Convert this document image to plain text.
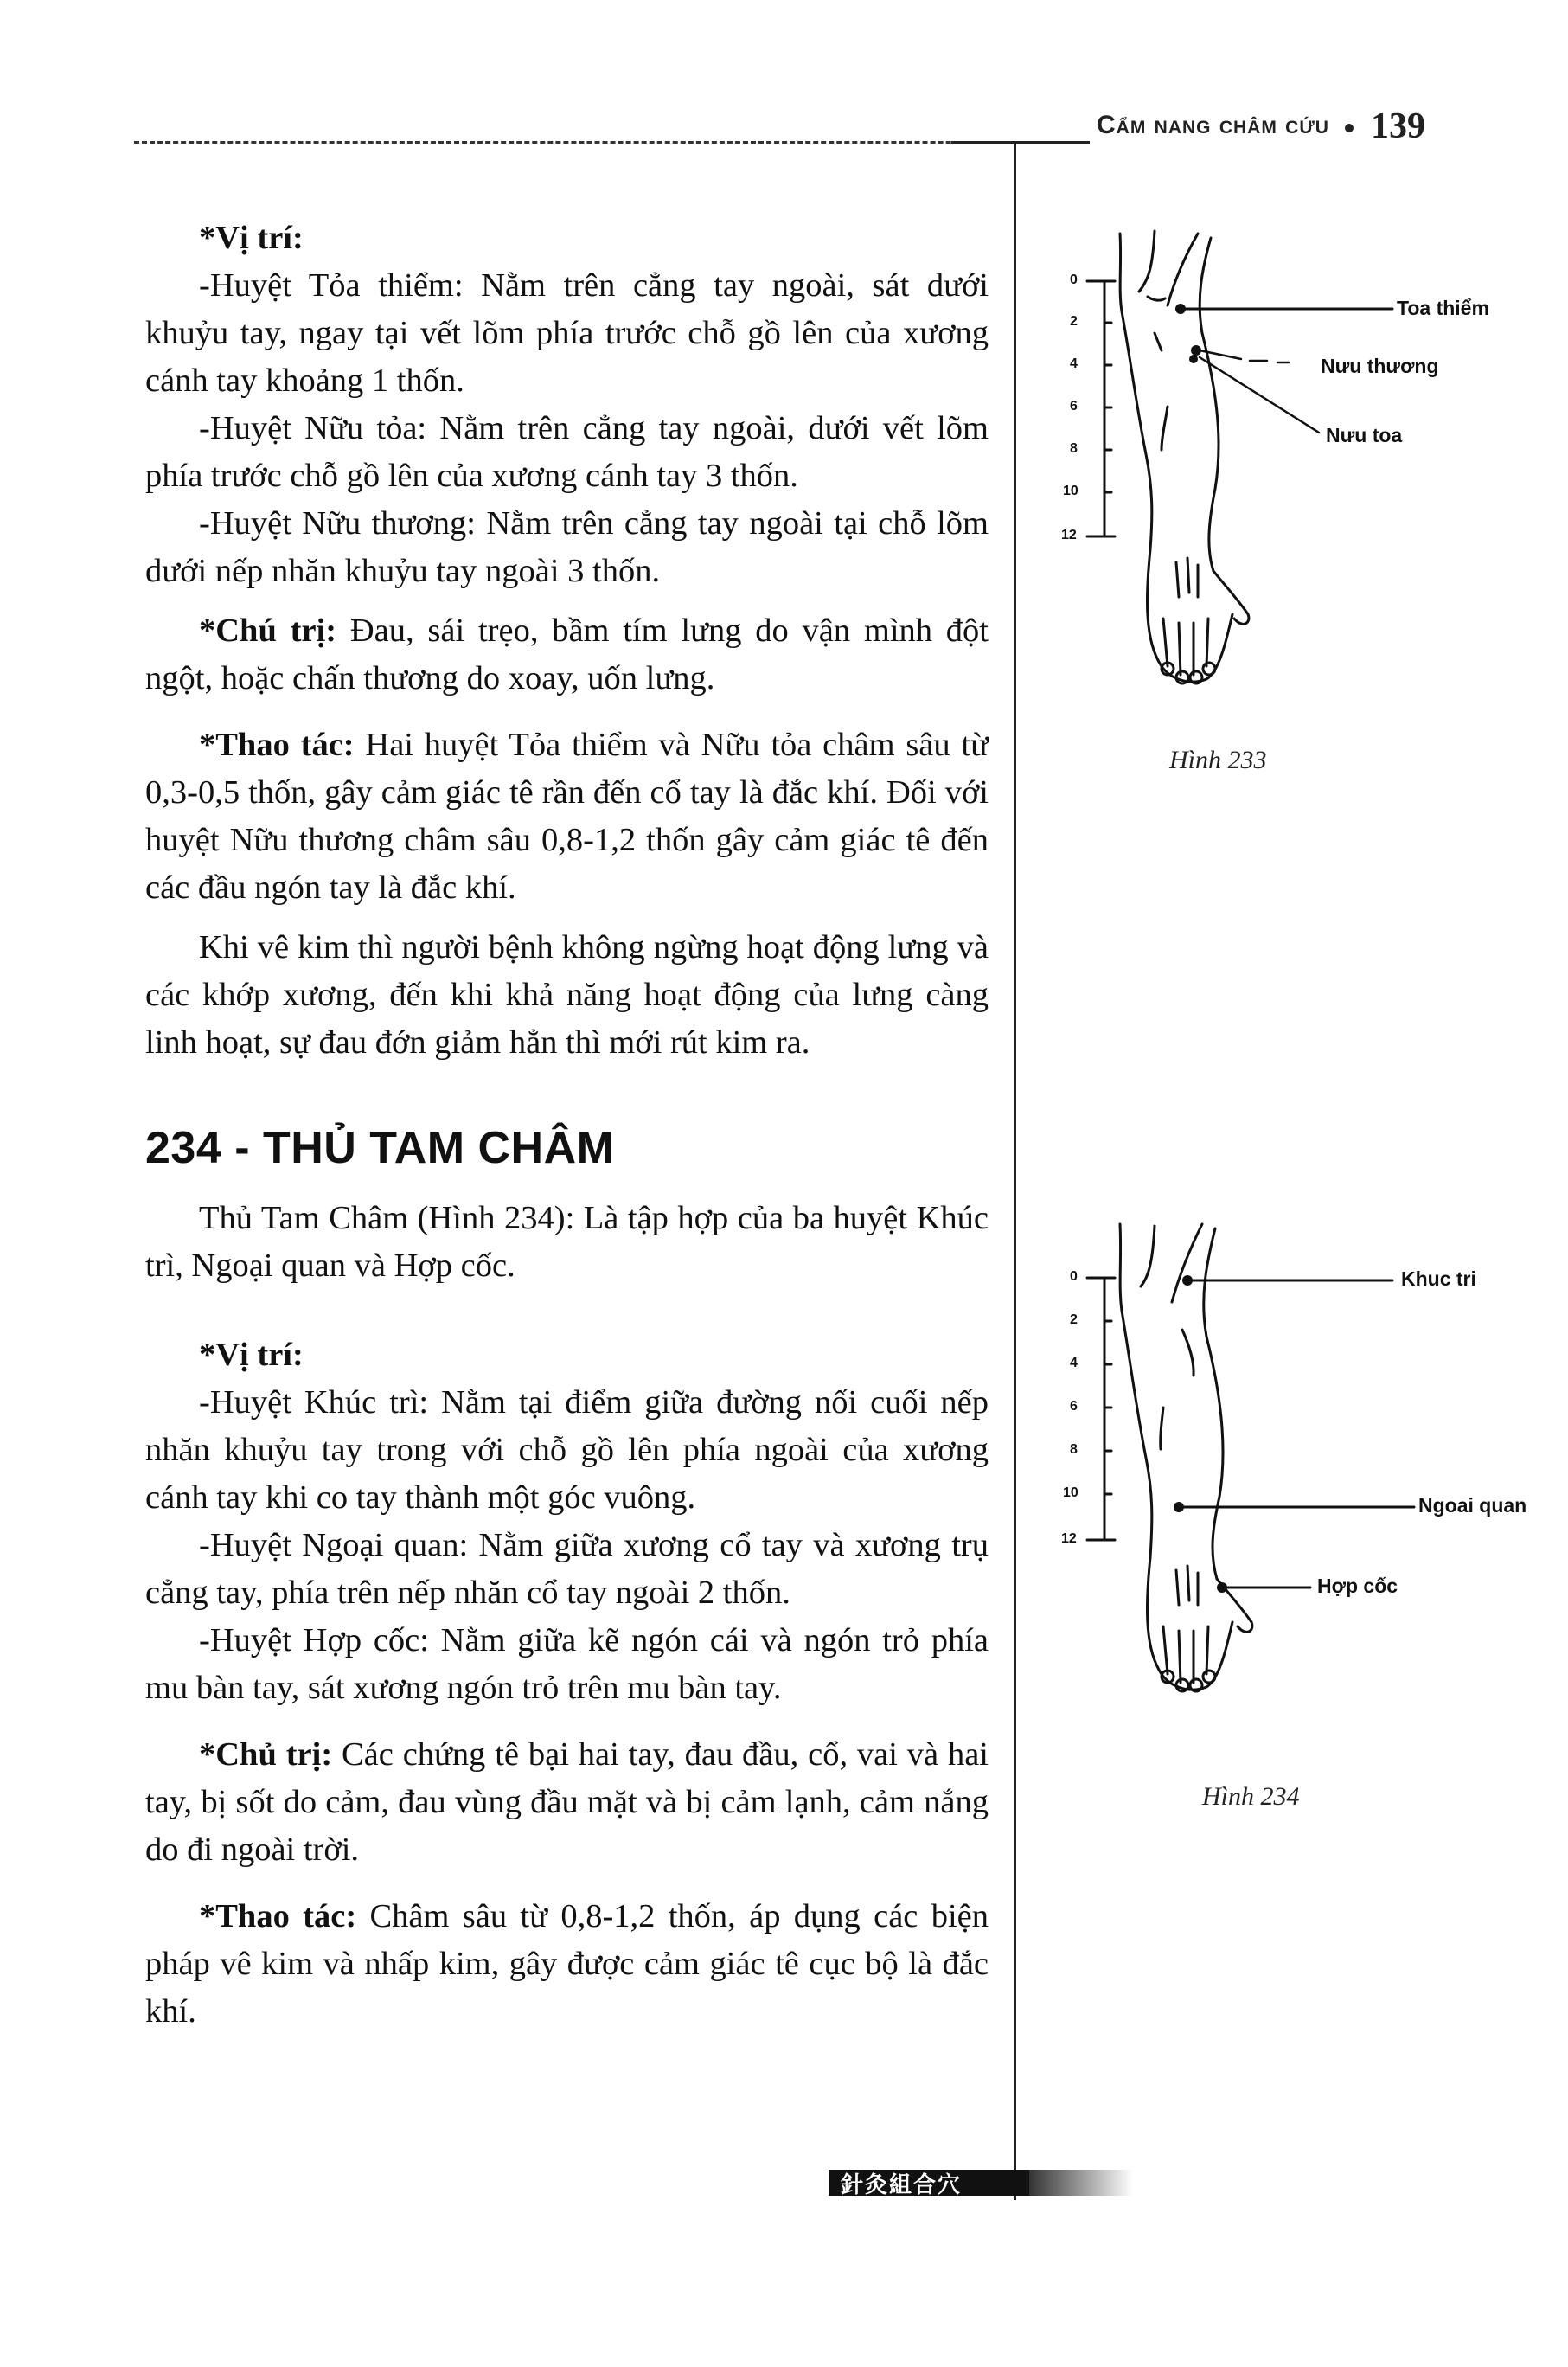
Cẩm nang châm cứu 139

*Vị trí:

-Huyệt Tỏa thiểm: Nằm trên cẳng tay ngoài, sát dưới khuỷu tay, ngay tại vết lõm phía trước chỗ gồ lên của xương cánh tay khoảng 1 thốn.

-Huyệt Nữu tỏa: Nằm trên cẳng tay ngoài, dưới vết lõm phía trước chỗ gồ lên của xương cánh tay 3 thốn.

-Huyệt Nữu thương: Nằm trên cẳng tay ngoài tại chỗ lõm dưới nếp nhăn khuỷu tay ngoài 3 thốn.

*Chú trị: Đau, sái trẹo, bầm tím lưng do vận mình đột ngột, hoặc chấn thương do xoay, uốn lưng.

*Thao tác: Hai huyệt Tỏa thiểm và Nữu tỏa châm sâu từ 0,3-0,5 thốn, gây cảm giác tê rần đến cổ tay là đắc khí. Đối với huyệt Nữu thương châm sâu 0,8-1,2 thốn gây cảm giác tê đến các đầu ngón tay là đắc khí.

Khi vê kim thì người bệnh không ngừng hoạt động lưng và các khớp xương, đến khi khả năng hoạt động của lưng càng linh hoạt, sự đau đớn giảm hẳn thì mới rút kim ra.

234 - THỦ TAM CHÂM

Thủ Tam Châm (Hình 234): Là tập hợp của ba huyệt Khúc trì, Ngoại quan và Hợp cốc.

*Vị trí:

-Huyệt Khúc trì: Nằm tại điểm giữa đường nối cuối nếp nhăn khuỷu tay trong với chỗ gồ lên phía ngoài của xương cánh tay khi co tay thành một góc vuông.

-Huyệt Ngoại quan: Nằm giữa xương cổ tay và xương trụ cẳng tay, phía trên nếp nhăn cổ tay ngoài 2 thốn.

-Huyệt Hợp cốc: Nằm giữa kẽ ngón cái và ngón trỏ phía mu bàn tay, sát xương ngón trỏ trên mu bàn tay.

*Chủ trị: Các chứng tê bại hai tay, đau đầu, cổ, vai và hai tay, bị sốt do cảm, đau vùng đầu mặt và bị cảm lạnh, cảm nắng do đi ngoài trời.

*Thao tác: Châm sâu từ 0,8-1,2 thốn, áp dụng các biện pháp vê kim và nhấp kim, gây được cảm giác tê cục bộ là đắc khí.

0
2
4
6
8
10
12
Toa thiểm
Nưu thương
Nưu toa
Hình 233
0
2
4
6
8
10
12
Khuc tri
Ngoai quan
Hợp cốc
Hình 234
針灸組合穴
